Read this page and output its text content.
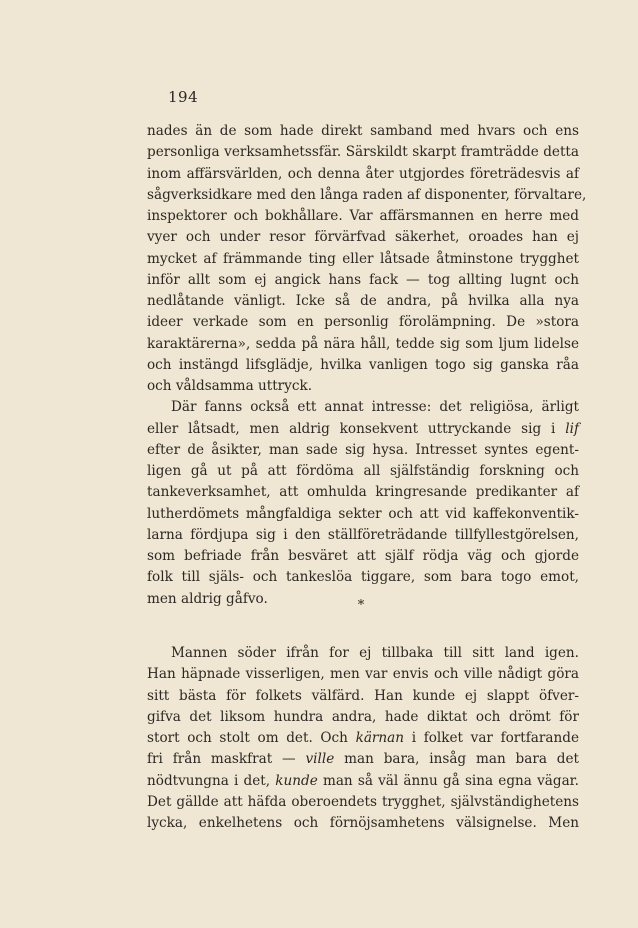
194
nades än de som hade direkt samband med hvars och ens
personliga verksamhetssfär. Särskildt skarpt framträdde detta
inom affärsvärlden, och denna åter utgjordes företrädesvis af
sågverksidkare med den långa raden af disponenter, förvaltare,
inspektorer och bokhållare. Var affärsmannen en herre med
vyer och under resor förvärfvad säkerhet, oroades han ej
mycket af främmande ting eller låtsade åtminstone trygghet
inför allt som ej angick hans fack — tog allting lugnt och
nedlåtande vänligt. Icke så de andra, på hvilka alla nya
ideer verkade som en personlig förolämpning. De »stora
karaktärerna», sedda på nära håll, tedde sig som ljum lidelse
och instängd lifsglädje, hvilka vanligen togo sig ganska råa
och våldsamma uttryck.
Där fanns också ett annat intresse: det religiösa, ärligt
eller låtsadt, men aldrig konsekvent uttryckande sig i lif
efter de åsikter, man sade sig hysa. Intresset syntes egent-
ligen gå ut på att fördöma all själfständig forskning och
tankeverksamhet, att omhulda kringresande predikanter af
lutherdömets mångfaldiga sekter och att vid kaffekonventik-
larna fördjupa sig i den ställföreträdande tillfyllestgörelsen,
som befriade från besväret att själf rödja väg och gjorde
folk till själs- och tankeslöa tiggare, som bara togo emot,
men aldrig gåfvo.	*
Mannen söder ifrån for ej tillbaka till sitt land igen.
Han häpnade visserligen, men var envis och ville nådigt göra
sitt bästa för folkets välfärd. Han kunde ej slappt öfver-
gifva det liksom hundra andra, hade diktat och drömt för
stort och stolt om det. Och kärnan i folket var fortfarande
fri från maskfrat — ville man bara, insåg man bara det
nödtvungna i det, kunde man så väl ännu gå sina egna vägar.
Det gällde att häfda oberoendets trygghet, självständighetens
lycka, enkelhetens och förnöjsamhetens välsignelse. Men
